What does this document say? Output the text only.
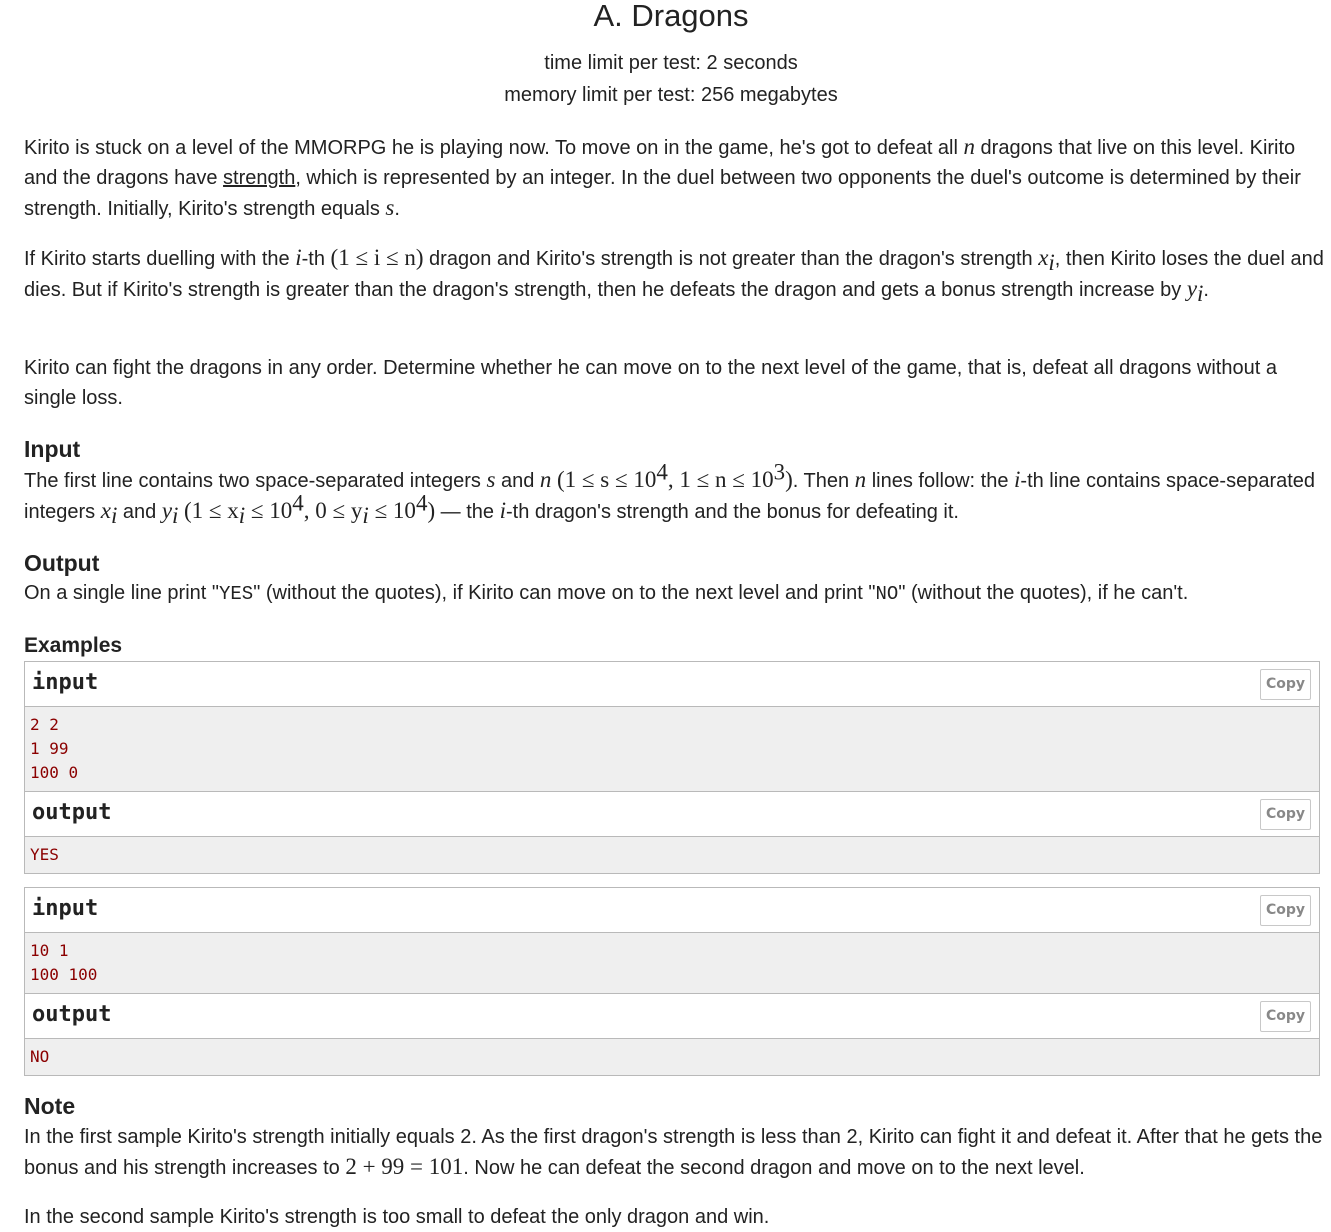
A. Dragons
time limit per test: 2 seconds
memory limit per test: 256 megabytes

Kirito is stuck on a level of the MMORPG he is playing now. To move on in the game, he's got to defeat all n dragons that live on this level. Kirito and the dragons have strength, which is represented by an integer. In the duel between two opponents the duel's outcome is determined by their strength. Initially, Kirito's strength equals s.

If Kirito starts duelling with the i-th (1 ≤ i ≤ n) dragon and Kirito's strength is not greater than the dragon's strength $x_i$, then Kirito loses the duel and dies. But if Kirito's strength is greater than the dragon's strength, then he defeats the dragon and gets a bonus strength increase by $y_i$.

Kirito can fight the dragons in any order. Determine whether he can move on to the next level of the game, that is, defeat all dragons without a single loss.

Input

The first line contains two space-separated integers s and n ($1 \le s \le 10^4$, $1 \le n \le 10^3$). Then n lines follow: the i-th line contains space-separated integers $x_i$ and $y_i$ ($1 \le x_i \le 10^4$, $0 \le y_i \le 10^4$) — the i-th dragon's strength and the bonus for defeating it.

Output

On a single line print "YES" (without the quotes), if Kirito can move on to the next level and print "NO" (without the quotes), if he can't.

Examples
input	Copy
2 2
1 99
100 0
output	Copy
YES
input	Copy
10 1
100 100
output	Copy
NO
Note

In the first sample Kirito's strength initially equals 2. As the first dragon's strength is less than 2, Kirito can fight it and defeat it. After that he gets the bonus and his strength increases to 2 + 99 = 101. Now he can defeat the second dragon and move on to the next level.

In the second sample Kirito's strength is too small to defeat the only dragon and win.
